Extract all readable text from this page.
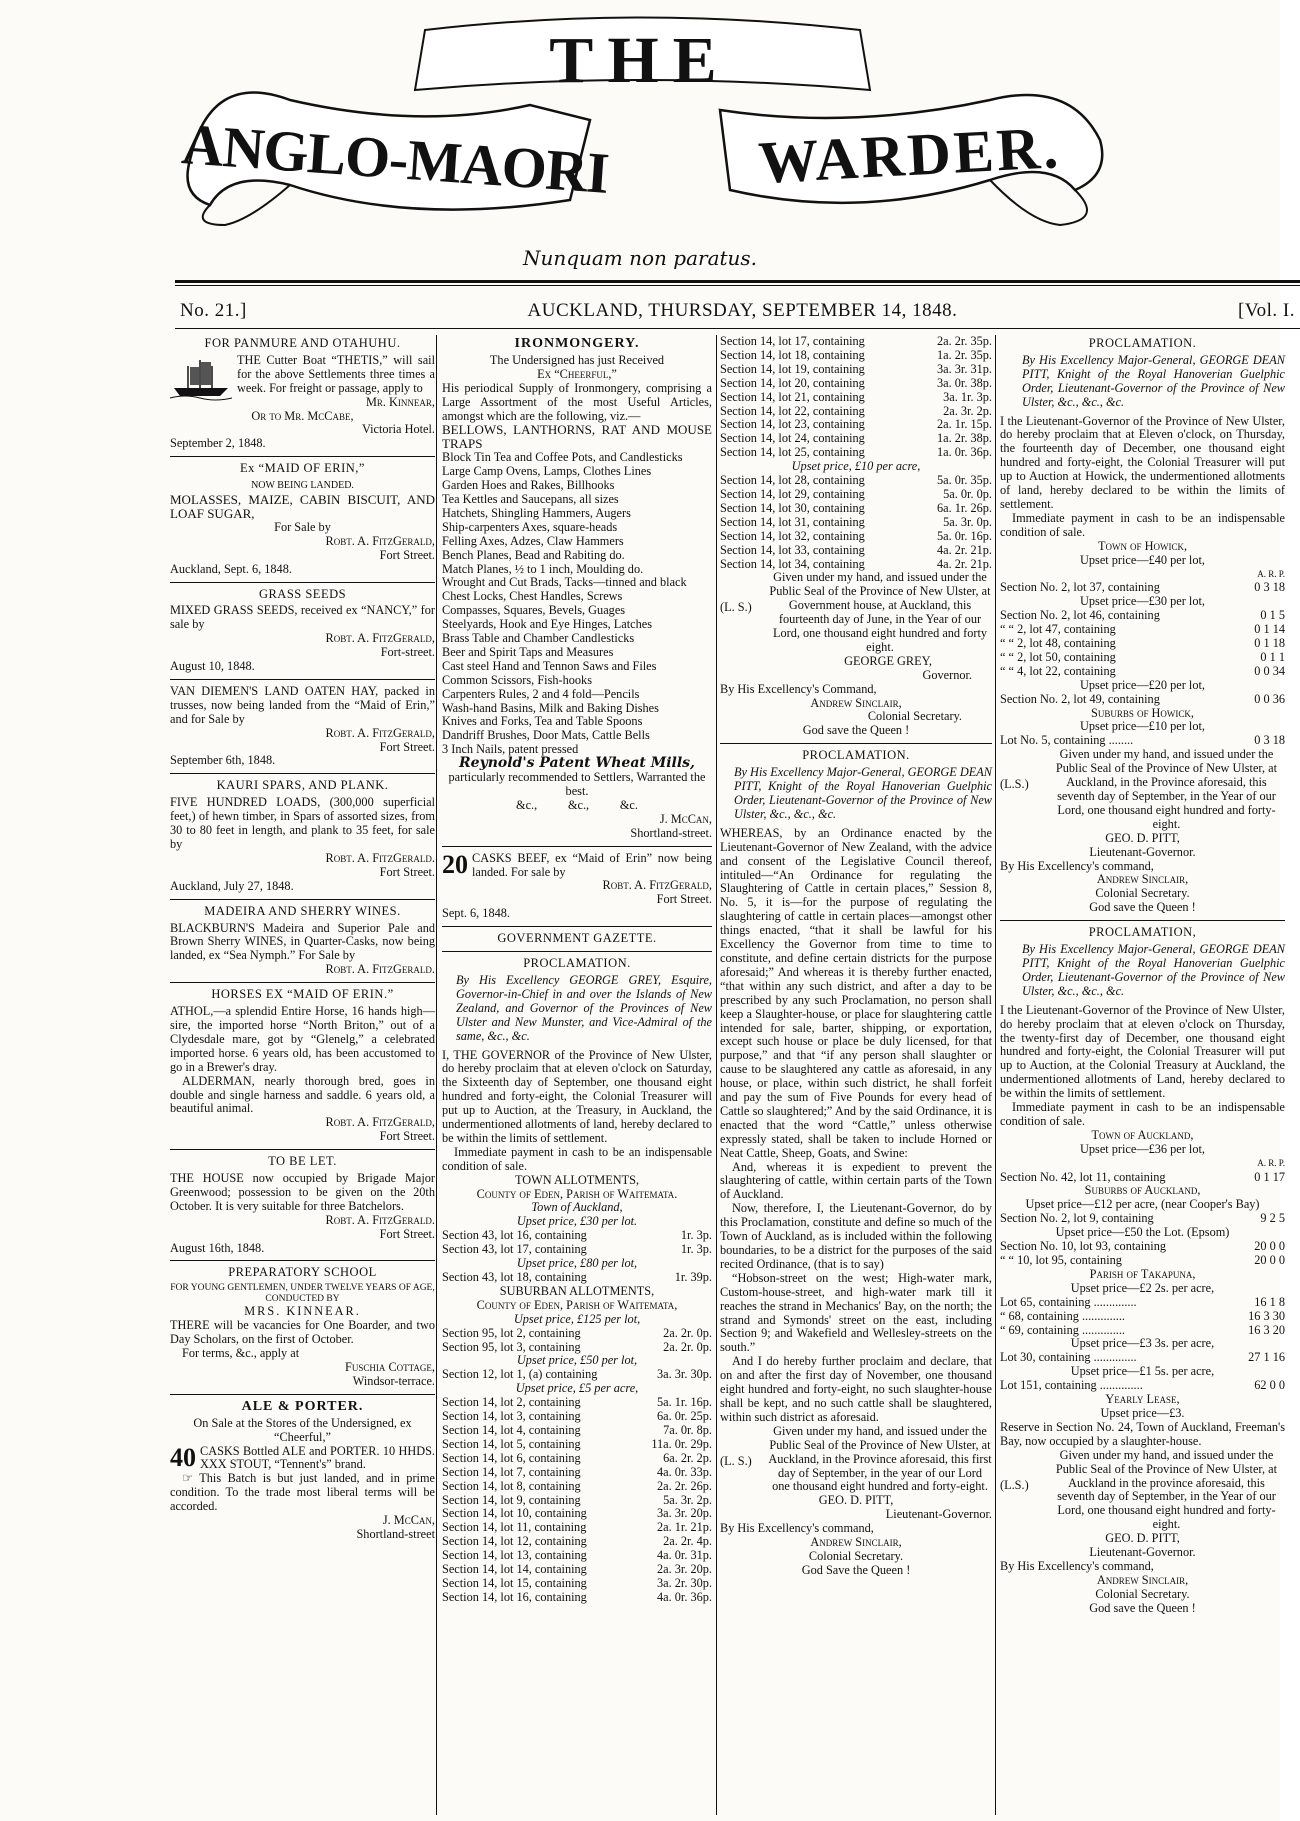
THE
ANGLO-MAORI WARDER.
Nunquam non paratus.
No. 21.]	AUCKLAND, THURSDAY, SEPTEMBER 14, 1848.	[Vol. I.
FOR PANMURE AND OTAHUHU.

THE Cutter Boat “THETIS,” will sail for the above Settlements three times a week. For freight or passage, apply to

Mr. Kinnear,
Or to Mr. McCabe,
Victoria Hotel.
September 2, 1848.
Ex “MAID OF ERIN,”
NOW BEING LANDED.

MOLASSES, MAIZE, CABIN BISCUIT, AND LOAF SUGAR,

For Sale by
Robt. A. FitzGerald,
Fort Street.
Auckland, Sept. 6, 1848.
GRASS SEEDS

MIXED GRASS SEEDS, received ex “NANCY,” for sale by

Robt. A. FitzGerald,
Fort-street.
August 10, 1848.

VAN DIEMEN'S LAND OATEN HAY, packed in trusses, now being landed from the “Maid of Erin,” and for Sale by

Robt. A. FitzGerald,
Fort Street.
September 6th, 1848.
KAURI SPARS, AND PLANK.

FIVE HUNDRED LOADS, (300,000 superficial feet,) of hewn timber, in Spars of assorted sizes, from 30 to 80 feet in length, and plank to 35 feet, for sale by

Robt. A. FitzGerald.
Fort Street.
Auckland, July 27, 1848.
MADEIRA AND SHERRY WINES.

BLACKBURN'S Madeira and Superior Pale and Brown Sherry WINES, in Quarter-Casks, now being landed, ex “Sea Nymph.” For Sale by

Robt. A. FitzGerald.
HORSES EX “MAID OF ERIN.”

ATHOL,—a splendid Entire Horse, 16 hands high—sire, the imported horse “North Briton,” out of a Clydesdale mare, got by “Glenelg,” a celebrated imported horse. 6 years old, has been accustomed to go in a Brewer's dray.

ALDERMAN, nearly thorough bred, goes in double and single harness and saddle. 6 years old, a beautiful animal.

Robt. A. FitzGerald,
Fort Street.
TO BE LET.

THE HOUSE now occupied by Brigade Major Greenwood; possession to be given on the 20th October. It is very suitable for three Batchelors.

Robt. A. FitzGerald.
Fort Street.
August 16th, 1848.
PREPARATORY SCHOOL
FOR YOUNG GENTLEMEN, UNDER TWELVE YEARS OF AGE, CONDUCTED BY
MRS. KINNEAR.

THERE will be vacancies for One Boarder, and two Day Scholars, on the first of October.

For terms, &c., apply at
Fuschia Cottage,
Windsor-terrace.
ALE & PORTER.
On Sale at the Stores of the Undersigned, ex “Cheerful,”
40 CASKS Bottled ALE and PORTER. 10 HHDS. XXX STOUT, “Tennent's” brand.

☞ This Batch is but just landed, and in prime condition. To the trade most liberal terms will be accorded.

J. McCan,
Shortland-street
IRONMONGERY.
The Undersigned has just Received
Ex “Cheerful,”

His periodical Supply of Ironmongery, comprising a Large Assortment of the most Useful Articles, amongst which are the following, viz.—

BELLOWS, LANTHORNS, RAT AND MOUSE TRAPS

Block Tin Tea and Coffee Pots, and Candlesticks
Large Camp Ovens, Lamps, Clothes Lines
Garden Hoes and Rakes, Billhooks
Tea Kettles and Saucepans, all sizes
Hatchets, Shingling Hammers, Augers
Ship-carpenters Axes, square-heads
Felling Axes, Adzes, Claw Hammers
Bench Planes, Bead and Rabiting do.
Match Planes, ½ to 1 inch, Moulding do.
Wrought and Cut Brads, Tacks—tinned and black
Chest Locks, Chest Handles, Screws
Compasses, Squares, Bevels, Guages
Steelyards, Hook and Eye Hinges, Latches
Brass Table and Chamber Candlesticks
Beer and Spirit Taps and Measures
Cast steel Hand and Tennon Saws and Files
Common Scissors, Fish-hooks
Carpenters Rules, 2 and 4 fold—Pencils
Wash-hand Basins, Milk and Baking Dishes
Knives and Forks, Tea and Table Spoons
Dandriff Brushes, Door Mats, Cattle Bells
3 Inch Nails, patent pressed
Reynold's Patent Wheat Mills,
particularly recommended to Settlers, Warranted the best.
&c.,          &c.,          &c.
J. McCan,
Shortland-street.
20 CASKS BEEF, ex “Maid of Erin” now being landed. For sale by

Robt. A. FitzGerald,
Fort Street.
Sept. 6, 1848.
GOVERNMENT GAZETTE.
PROCLAMATION.

By His Excellency GEORGE GREY, Esquire, Governor-in-Chief in and over the Islands of New Zealand, and Governor of the Provinces of New Ulster and New Munster, and Vice-Admiral of the same, &c., &c.

I, THE GOVERNOR of the Province of New Ulster, do hereby proclaim that at eleven o'clock on Saturday, the Sixteenth day of September, one thousand eight hundred and forty-eight, the Colonial Treasurer will put up to Auction, at the Treasury, in Auckland, the undermentioned allotments of land, hereby declared to be within the limits of settlement.

Immediate payment in cash to be an indispensable condition of sale.

TOWN ALLOTMENTS,
County of Eden, Parish of Waitemata.
Town of Auckland,
Upset price, £30 per lot.
Section 43, lot 16, containing	1r. 3p.
Section 43, lot 17, containing	1r. 3p.
Upset price, £80 per lot,
Section 43, lot 18, containing	1r. 39p.
SUBURBAN ALLOTMENTS,
County of Eden, Parish of Waitemata,
Upset price, £125 per lot,
Section 95, lot 2, containing	2a. 2r. 0p.
Section 95, lot 3, containing	2a. 2r. 0p.
Upset price, £50 per lot,
Section 12, lot 1, (a) containing	3a. 3r. 30p.
Upset price, £5 per acre,
Section 14, lot 2, containing	5a. 1r. 16p.
Section 14, lot 3, containing	6a. 0r. 25p.
Section 14, lot 4, containing	7a. 0r. 8p.
Section 14, lot 5, containing	11a. 0r. 29p.
Section 14, lot 6, containing	6a. 2r. 2p.
Section 14, lot 7, containing	4a. 0r. 33p.
Section 14, lot 8, containing	2a. 2r. 26p.
Section 14, lot 9, containing	5a. 3r. 2p.
Section 14, lot 10, containing	3a. 3r. 20p.
Section 14, lot 11, containing	2a. 1r. 21p.
Section 14, lot 12, containing	2a. 2r. 4p.
Section 14, lot 13, containing	4a. 0r. 31p.
Section 14, lot 14, containing	2a. 3r. 20p.
Section 14, lot 15, containing	3a. 2r. 30p.
Section 14, lot 16, containing	4a. 0r. 36p.
Section 14, lot 17, containing	2a. 2r. 35p.
Section 14, lot 18, containing	1a. 2r. 35p.
Section 14, lot 19, containing	3a. 3r. 31p.
Section 14, lot 20, containing	3a. 0r. 38p.
Section 14, lot 21, containing	3a. 1r. 3p.
Section 14, lot 22, containing	2a. 3r. 2p.
Section 14, lot 23, containing	2a. 1r. 15p.
Section 14, lot 24, containing	1a. 2r. 38p.
Section 14, lot 25, containing	1a. 0r. 36p.
Upset price, £10 per acre,
Section 14, lot 28, containing	5a. 0r. 35p.
Section 14, lot 29, containing	5a. 0r. 0p.
Section 14, lot 30, containing	6a. 1r. 26p.
Section 14, lot 31, containing	5a. 3r. 0p.
Section 14, lot 32, containing	5a. 0r. 16p.
Section 14, lot 33, containing	4a. 2r. 21p.
Section 14, lot 34, containing	4a. 2r. 21p.
(L. S.)
Given under my hand, and issued under the Public Seal of the Province of New Ulster, at Government house, at Auckland, this fourteenth day of June, in the Year of our Lord, one thousand eight hundred and forty eight.
GEORGE GREY,
Governor.
By His Excellency's Command,
Andrew Sinclair,
Colonial Secretary.
God save the Queen !
PROCLAMATION.

By His Excellency Major-General, GEORGE DEAN PITT, Knight of the Royal Hanoverian Guelphic Order, Lieutenant-Governor of the Province of New Ulster, &c., &c., &c.

WHEREAS, by an Ordinance enacted by the Lieutenant-Governor of New Zealand, with the advice and consent of the Legislative Council thereof, intituled—“An Ordinance for regulating the Slaughtering of Cattle in certain places,” Session 8, No. 5, it is—for the purpose of regulating the slaughtering of cattle in certain places—amongst other things enacted, “that it shall be lawful for his Excellency the Governor from time to time to constitute, and define certain districts for the purpose aforesaid;” And whereas it is thereby further enacted, “that within any such district, and after a day to be prescribed by any such Proclamation, no person shall keep a Slaughter-house, or place for slaughtering cattle intended for sale, barter, shipping, or exportation, except such house or place be duly licensed, for that purpose,” and that “if any person shall slaughter or cause to be slaughtered any cattle as aforesaid, in any house, or place, within such district, he shall forfeit and pay the sum of Five Pounds for every head of Cattle so slaughtered;” And by the said Ordinance, it is enacted that the word “Cattle,” unless otherwise expressly stated, shall be taken to include Horned or Neat Cattle, Sheep, Goats, and Swine:

And, whereas it is expedient to prevent the slaughtering of cattle, within certain parts of the Town of Auckland.

Now, therefore, I, the Lieutenant-Governor, do by this Proclamation, constitute and define so much of the Town of Auckland, as is included within the following boundaries, to be a district for the purposes of the said recited Ordinance, (that is to say)

“Hobson-street on the west; High-water mark, Custom-house-street, and high-water mark till it reaches the strand in Mechanics' Bay, on the north; the strand and Symonds' street on the east, including Section 9; and Wakefield and Wellesley-streets on the south.”

And I do hereby further proclaim and declare, that on and after the first day of November, one thousand eight hundred and forty-eight, no such slaughter-house shall be kept, and no such cattle shall be slaughtered, within such district as aforesaid.

(L. S.)
Given under my hand, and issued under the Public Seal of the Province of New Ulster, at Auckland, in the Province aforesaid, this first day of September, in the year of our Lord one thousand eight hundred and forty-eight.
GEO. D. PITT,
Lieutenant-Governor.
By His Excellency's command,
Andrew Sinclair,
Colonial Secretary.
God Save the Queen !
PROCLAMATION.

By His Excellency Major-General, GEORGE DEAN PITT, Knight of the Royal Hanoverian Guelphic Order, Lieutenant-Governor of the Province of New Ulster, &c., &c., &c.

I the Lieutenant-Governor of the Province of New Ulster, do hereby proclaim that at Eleven o'clock, on Thursday, the fourteenth day of December, one thousand eight hundred and forty-eight, the Colonial Treasurer will put up to Auction at Howick, the undermentioned allotments of land, hereby declared to be within the limits of settlement.

Immediate payment in cash to be an indispensable condition of sale.

Town of Howick,
Upset price—£40 per lot,
A. R. P.
Section No. 2, lot 37, containing	0 3 18
Upset price—£30 per lot,
Section No. 2, lot 46, containing	0 1 5
“ “ 2, lot 47, containing	0 1 14
“ “ 2, lot 48, containing	0 1 18
“ “ 2, lot 50, containing	0 1 1
“ “ 4, lot 22, containing	0 0 34
Upset price—£20 per lot,
Section No. 2, lot 49, containing	0 0 36
Suburbs of Howick,
Upset price—£10 per lot,
Lot No. 5, containing ........	0 3 18
(L.S.)
Given under my hand, and issued under the Public Seal of the Province of New Ulster, at Auckland, in the Province aforesaid, this seventh day of September, in the Year of our Lord, one thousand eight hundred and forty-eight.
GEO. D. PITT,
Lieutenant-Governor.
By His Excellency's command,
Andrew Sinclair,
Colonial Secretary.
God save the Queen !
PROCLAMATION,

By His Excellency Major-General, GEORGE DEAN PITT, Knight of the Royal Hanoverian Guelphic Order, Lieutenant-Governor of the Province of New Ulster, &c., &c., &c.

I the Lieutenant-Governor of the Province of New Ulster, do hereby proclaim that at eleven o'clock on Thursday, the twenty-first day of December, one thousand eight hundred and forty-eight, the Colonial Treasurer will put up to Auction, at the Colonial Treasury at Auckland, the undermentioned allotments of Land, hereby declared to be within the limits of settlement.

Immediate payment in cash to be an indispensable condition of sale.

Town of Auckland,
Upset price—£36 per lot,
A. R. P.
Section No. 42, lot 11, containing	0 1 17
Suburbs of Auckland,
Upset price—£12 per acre, (near Cooper's Bay)
Section No. 2, lot 9, containing	9 2 5
Upset price—£50 the Lot. (Epsom)
Section No. 10, lot 93, containing	20 0 0
“ “ 10, lot 95, containing	20 0 0
Parish of Takapuna,
Upset price—£2 2s. per acre,
Lot 65, containing ..............	16 1 8
“ 68, containing ..............	16 3 30
“ 69, containing ..............	16 3 20
Upset price—£3 3s. per acre,
Lot 30, containing ..............	27 1 16
Upset price—£1 5s. per acre,
Lot 151, containing ..............	62 0 0
Yearly Lease,
Upset price—£3.

Reserve in Section No. 24, Town of Auckland, Freeman's Bay, now occupied by a slaughter-house.

(L.S.)
Given under my hand, and issued under the Public Seal of the Province of New Ulster, at Auckland in the province aforesaid, this seventh day of September, in the Year of our Lord, one thousand eight hundred and forty-eight.
GEO. D. PITT,
Lieutenant-Governor.
By His Excellency's command,
Andrew Sinclair,
Colonial Secretary.
God save the Queen !
